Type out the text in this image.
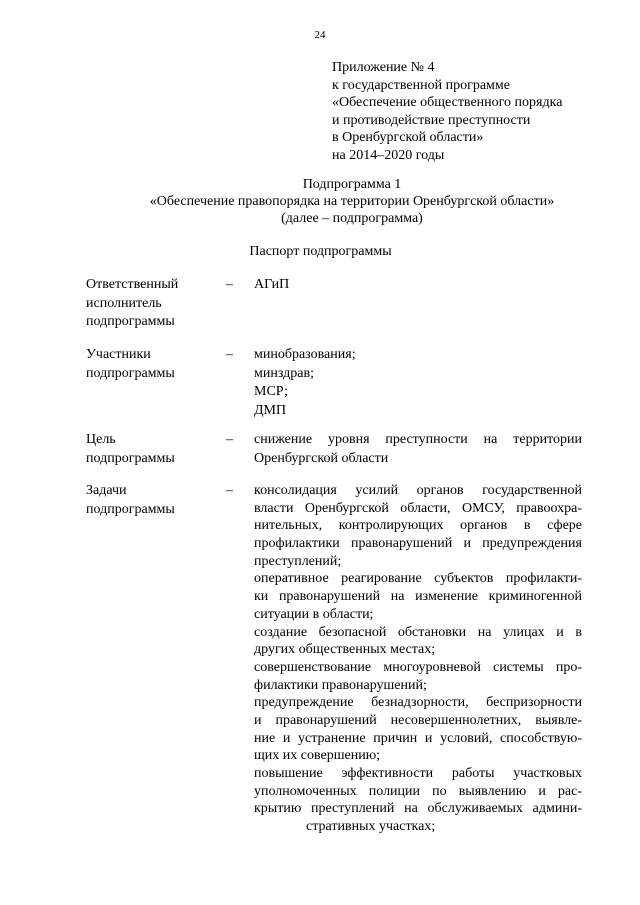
24
Приложение № 4
к государственной программе
«Обеспечение общественного порядка
и противодействие преступности
в Оренбургской области»
на 2014–2020 годы
Подпрограмма 1
«Обеспечение правопорядка на территории Оренбургской области»
(далее – подпрограмма)
Паспорт подпрограммы
Ответственный
исполнитель
подпрограммы
– АГиП
Участники
подпрограммы
– минобразования;
минздрав;
МСР;
ДМП
Цель
подпрограммы
– снижение уровня преступности на территории
Оренбургской области
Задачи
подпрограммы
– консолидация усилий органов государственной
власти Оренбургской области, ОМСУ, правоохра-
нительных, контролирующих органов в сфере
профилактики правонарушений и предупреждения
преступлений;
оперативное реагирование субъектов профилакти-
ки правонарушений на изменение криминогенной
ситуации в области;
создание безопасной обстановки на улицах и в
других общественных местах;
совершенствование многоуровневой системы про-
филактики правонарушений;
предупреждение безнадзорности, беспризорности
и правонарушений несовершеннолетних, выявле-
ние и устранение причин и условий, способствую-
щих их совершению;
повышение эффективности работы участковых
уполномоченных полиции по выявлению и рас-
крытию преступлений на обслуживаемых админи-
стративных участках;
